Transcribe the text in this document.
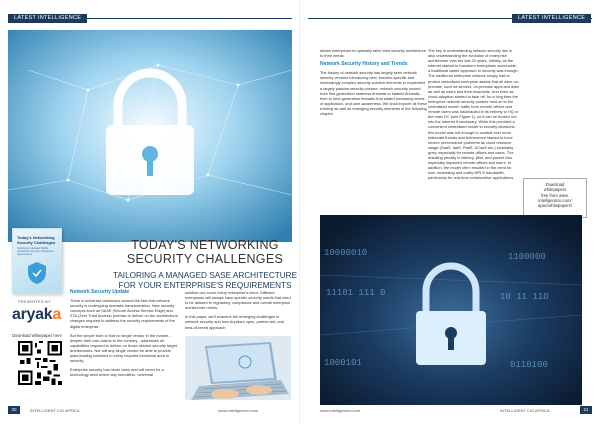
LATEST INTELLIGENCE
Today's Networking Security Challenges
Tailoring a managed SASE architecture for your enterprise's requirements
TODAY'S NETWORKING
SECURITY CHALLENGES
TAILORING A MANAGED SASE ARCHITECTURE
FOR YOUR ENTERPRISE'S REQUIREMENTS
PRESENTED BY
aryaka
Download whitepaper here
Network Security Update

There is universal consensus around the fact that network security is undergoing dramatic transformation. New security concepts such as SASE (Secure Access Service Edge) and ZTA (Zero Trust Access) promise to deliver on the architectural changes required to address the security requirements of the digital enterprise.

But the simple truth is that no single vendor in the market - despite their own claims to the contrary - addresses all capabilities required to deliver on those desired security target architectures. Nor will any single vendor be able to provide plaw-leading solutions in every required functional area in security.

Enterprise security has never been and will never be a technology area where any monolithic, universal

solution can cover every enterprise's need. Different enterprises will always have specific security needs that need to be tailored to regulatory, compliance and overall enterprise architecture needs.

In this paper, we'll examine the emerging challenges in network security and how Aryaka's open, partner-led, and best-of-breed approach

20	INTELLIGENT CIO AFRICA	www.intelligentcio.com
LATEST INTELLIGENCE

allows enterprises to optimally tailor their security architecture to their needs.

Network Security History and Trends

The history of network security has largely seen network security vendors introducing new, function-specific and increasingly complex security solution elements to implement a largely passive security posture: network security moved from first-generation stateless firewalls to stateful firewalls, then to next-generation firewalls that added increasing levels of application- and user-awareness. We shall explore all these existing as well as emerging security elements in the following chapter.

The key in understanding network security lies in also understanding the evolution of enterprise architecture over the last 20 years. Initially, as the internet started to transform enterprises world-wide, a traditional castle approach to security was enough. The traditional enterprise network simply had to protect centralised enterprise assets that all were on-premise, such as servers, on-premise apps and data as well as users and their endpoints. And even as cloud-adoption started to take off, for a long time the enterprise network security posture held on to the centralised model: traffic from remote offices and remote users was backhauled in its entirety to HQ or the main DC (see Figure 1), so it can be broken out into the internet if necessary. While this provided a convenient centralised model to security decisions, this model was not enough to combat ever more elaborate threats and furthermore started to incur severe performance problems as cloud resource usage (SaaS, IaaS, PaaS, UCaaS etc.) invariably grew, especially for remote offices and users. The resulting penalty in latency, jitter, and packet loss especially impacted remote offices and users. In addition, the model often resulted in the need for ever-increasing and costly MPLS bandwidth, particularly for real-time collaborative applications.

Download
whitepapers
free from www.
intelligentcio.com/
apac/whitepapers/
10000010
11101 111 0
1100000
10 11 110
1000101	0110100
www.intelligentcio.com	INTELLIGENT CIO AFRICA	21
